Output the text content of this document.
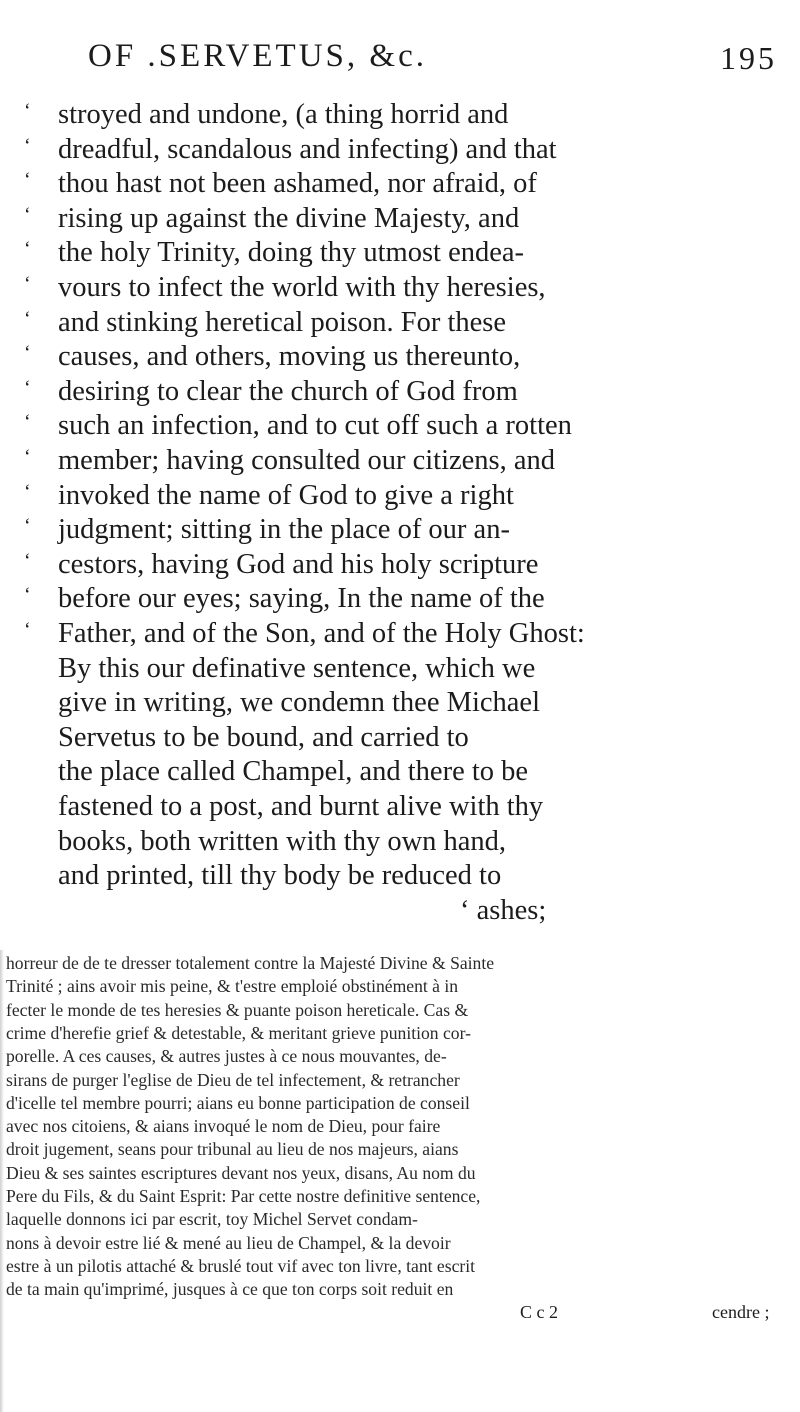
OF .SERVETUS, &c.	195
‘ stroyed and undone, (a thing horrid and
‘ dreadful, scandalous and infecting) and that
‘ thou hast not been ashamed, nor afraid, of
‘ rising up against the divine Majesty, and
‘ the holy Trinity, doing thy utmost endea-
‘ vours to infect the world with thy heresies,
‘ and stinking heretical poison. For these
‘ causes, and others, moving us thereunto,
‘ desiring to clear the church of God from
‘ such an infection, and to cut off such a rotten
‘ member; having consulted our citizens, and
‘ invoked the name of God to give a right
‘ judgment; sitting in the place of our an-
‘ cestors, having God and his holy scripture
‘ before our eyes; saying, In the name of the
‘ Father, and of the Son, and of the Holy Ghost:
By this our definative sentence, which we
give in writing, we condemn thee Michael
Servetus to be bound, and carried to
the place called Champel, and there to be
fastened to a post, and burnt alive with thy
books, both written with thy own hand,
and printed, till thy body be reduced to
‘ ashes;
horreur de de te dresser totalement contre la Majesté Divine & Sainte
Trinité ; ains avoir mis peine, & t'estre emploié obstinément à in
fecter le monde de tes heresies & puante poison hereticale. Cas &
crime d'herefie grief & detestable, & meritant grieve punition cor-
porelle. A ces causes, & autres justes à ce nous mouvantes, de-
sirans de purger l'eglise de Dieu de tel infectement, & retrancher
d'icelle tel membre pourri; aians eu bonne participation de conseil
avec nos citoiens, & aians invoqué le nom de Dieu, pour faire
droit jugement, seans pour tribunal au lieu de nos majeurs, aians
Dieu & ses saintes escriptures devant nos yeux, disans, Au nom du
Pere du Fils, & du Saint Esprit: Par cette nostre definitive sentence,
laquelle donnons ici par escrit, toy Michel Servet condam-
nons à devoir estre lié & mené au lieu de Champel, & la devoir
estre à un pilotis attaché & bruslé tout vif avec ton livre, tant escrit
de ta main qu'imprimé, jusques à ce que ton corps soit reduit en
C c 2	cendre ;
